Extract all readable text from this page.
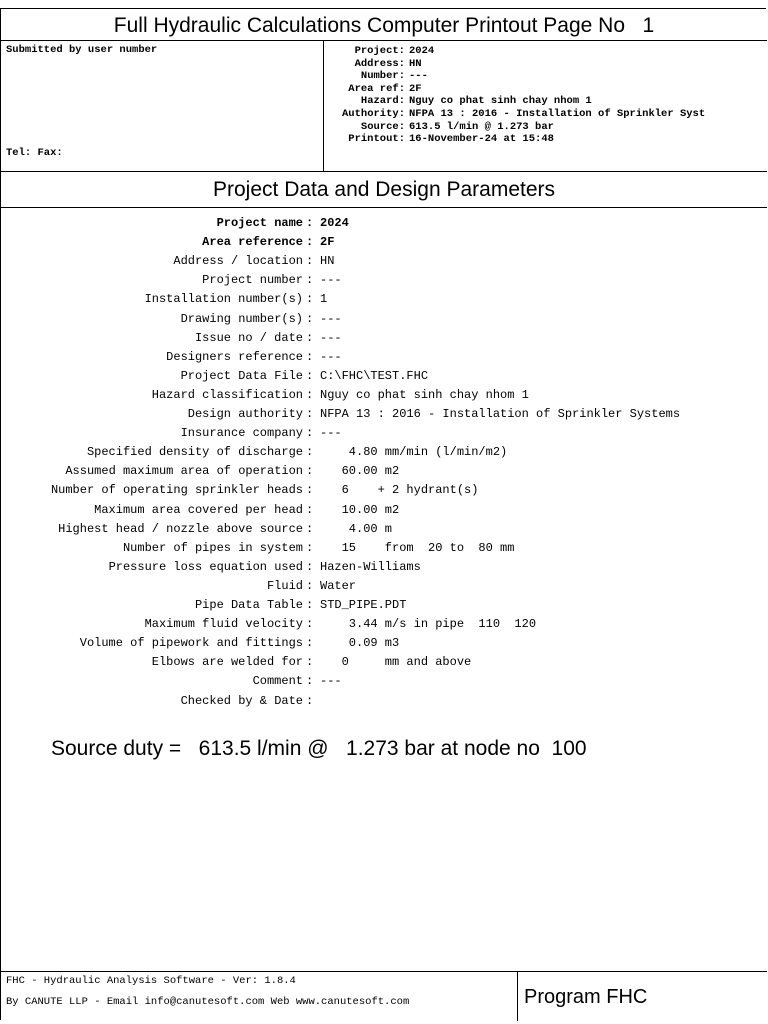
Full Hydraulic Calculations Computer Printout Page No   1
Submitted by user number
Tel: Fax:
Project: 2024
Address: HN
Number: ---
Area ref: 2F
Hazard: Nguy co phat sinh chay nhom 1
Authority: NFPA 13 : 2016 - Installation of Sprinkler Syst
Source: 613.5 l/min @ 1.273 bar
Printout: 16-November-24 at 15:48
Project Data and Design Parameters
Project name : 2024
Area reference : 2F
Address / location : HN
Project number : ---
Installation number(s) : 1
Drawing number(s) : ---
Issue no / date : ---
Designers reference : ---
Project Data File : C:\FHC\TEST.FHC
Hazard classification : Nguy co phat sinh chay nhom 1
Design authority : NFPA 13 : 2016 - Installation of Sprinkler Systems
Insurance company : ---
Specified density of discharge : 4.80 mm/min (l/min/m2)
Assumed maximum area of operation : 60.00 m2
Number of operating sprinkler heads : 6    + 2 hydrant(s)
Maximum area covered per head : 10.00 m2
Highest head / nozzle above source : 4.00 m
Number of pipes in system : 15    from  20 to  80 mm
Pressure loss equation used : Hazen-Williams
Fluid : Water
Pipe Data Table : STD_PIPE.PDT
Maximum fluid velocity : 3.44 m/s in pipe  110  120
Volume of pipework and fittings : 0.09 m3
Elbows are welded for : 0     mm and above
Comment : ---
Checked by & Date :
Source duty =   613.5 l/min @   1.273 bar at node no  100
FHC - Hydraulic Analysis Software - Ver: 1.8.4
By CANUTE LLP - Email info@canutesoft.com Web www.canutesoft.com	Program FHC
